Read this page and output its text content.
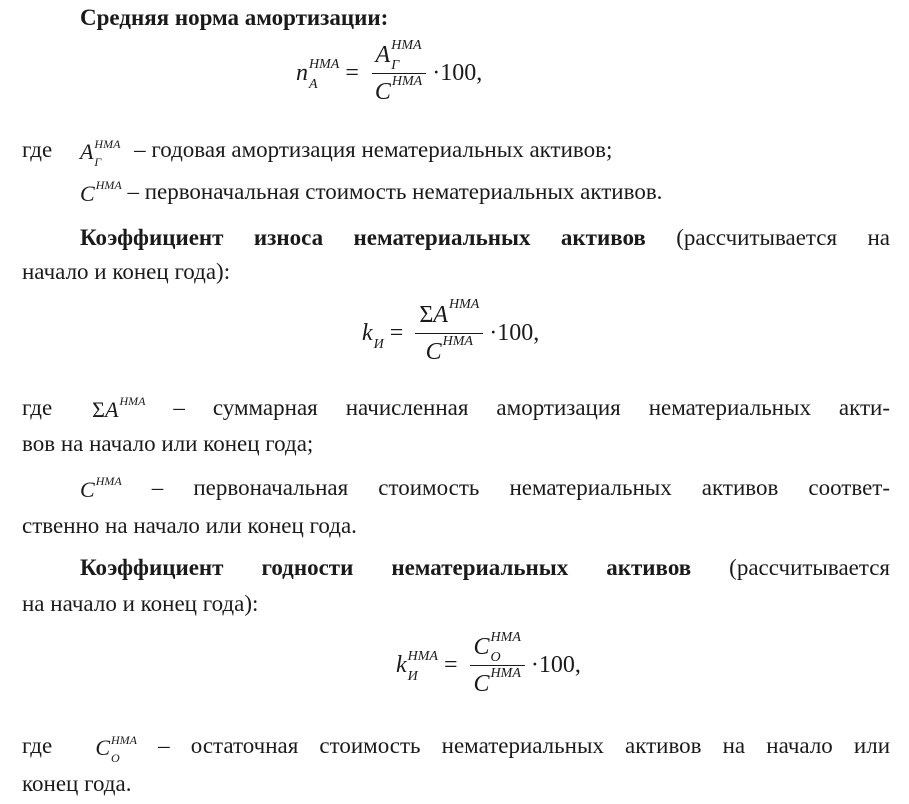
Средняя норма амортизации:
n НМА
А	= А НМА
Г
С НМА ·100,
где А НМА
Г	– годовая амортизация нематериальных активов;
С НМА – первоначальная стоимость нематериальных активов.
Коэффициент износа нематериальных активов (рассчитывается на
начало и конец года):
k $И = \frac{\text{Σ А НМА}}{\text{С НМА}} \cdot 100$,
где Σ А НМА – суммарная начисленная амортизация нематериальных акти-
вов на начало или конец года;
С НМА – первоначальная стоимость нематериальных активов соответ-
ственно на начало или конец года.
Коэффициент годности нематериальных активов (рассчитывается
на начало и конец года):
k НМА
И	= С НМА
О
С НМА ·100,
где С НМА
О	– остаточная стоимость нематериальных активов на начало или
конец года.
